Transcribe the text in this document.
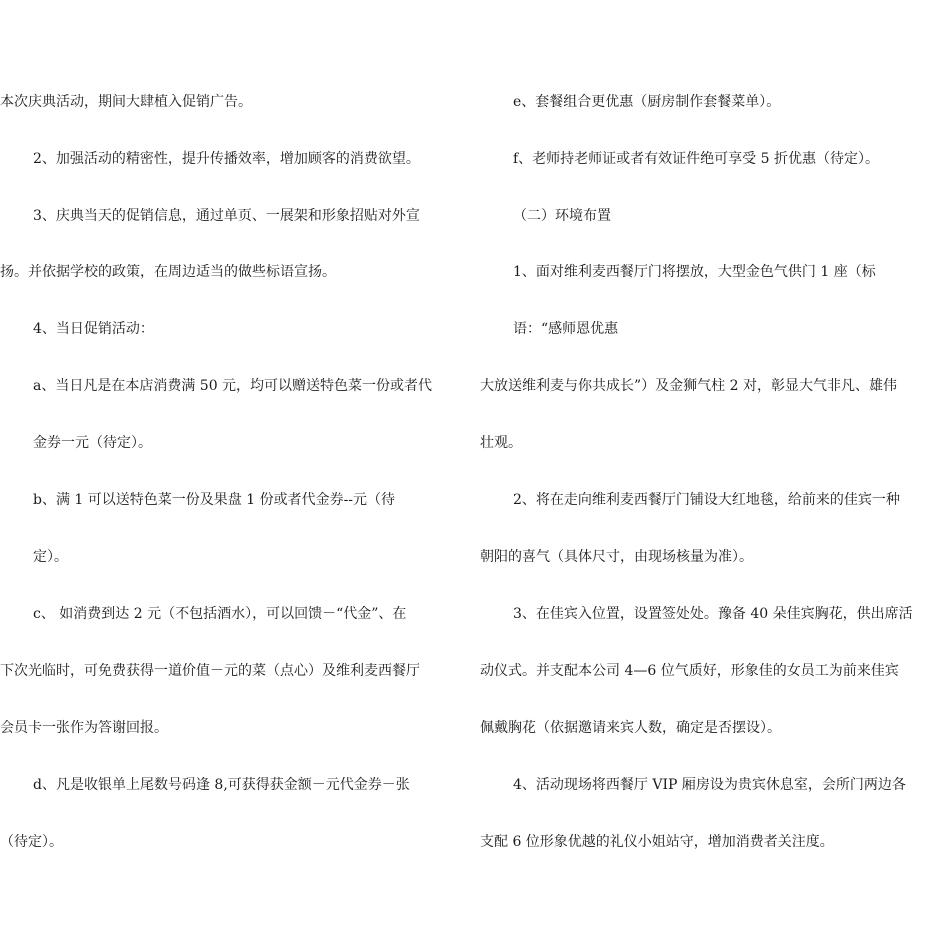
本次庆典活动，期间大肆植入促销广告。
2、加强活动的精密性，提升传播效率，增加顾客的消费欲望。
3、庆典当天的促销信息，通过单页、一展架和形象招贴对外宣
扬。并依据学校的政策，在周边适当的做些标语宣扬。
4、当日促销活动：
a、当日凡是在本店消费满 50 元，均可以赠送特色菜一份或者代
金券一元（待定）。
b、满 1 可以送特色菜一份及果盘 1 份或者代金券--元（待
定）。
c、 如消费到达 2 元（不包括酒水），可以回馈－“代金”、在
下次光临时，可免费获得一道价值－元的菜（点心）及维利麦西餐厅
会员卡一张作为答谢回报。
d、凡是收银单上尾数号码逢 8,可获得获金额－元代金券－张
（待定）。
e、套餐组合更优惠（厨房制作套餐菜单）。
f、老师持老师证或者有效证件绝可享受 5 折优惠（待定）。
（二）环境布置
1、面对维利麦西餐厅门将摆放，大型金色气供门 1 座（标
语：“感师恩优惠
大放送维利麦与你共成长”）及金狮气柱 2 对，彰显大气非凡、雄伟
壮观。
2、将在走向维利麦西餐厅门铺设大红地毯，给前来的佳宾一种
朝阳的喜气（具体尺寸，由现场核量为准）。
3、在佳宾入位置，设置签处处。豫备 40 朵佳宾胸花，供出席活
动仪式。并支配本公司 4—6 位气质好，形象佳的女员工为前来佳宾
佩戴胸花（依据邀请来宾人数，确定是否摆设）。
4、活动现场将西餐厅 VIP 厢房设为贵宾休息室，会所门两边各
支配 6 位形象优越的礼仪小姐站守，增加消费者关注度。
